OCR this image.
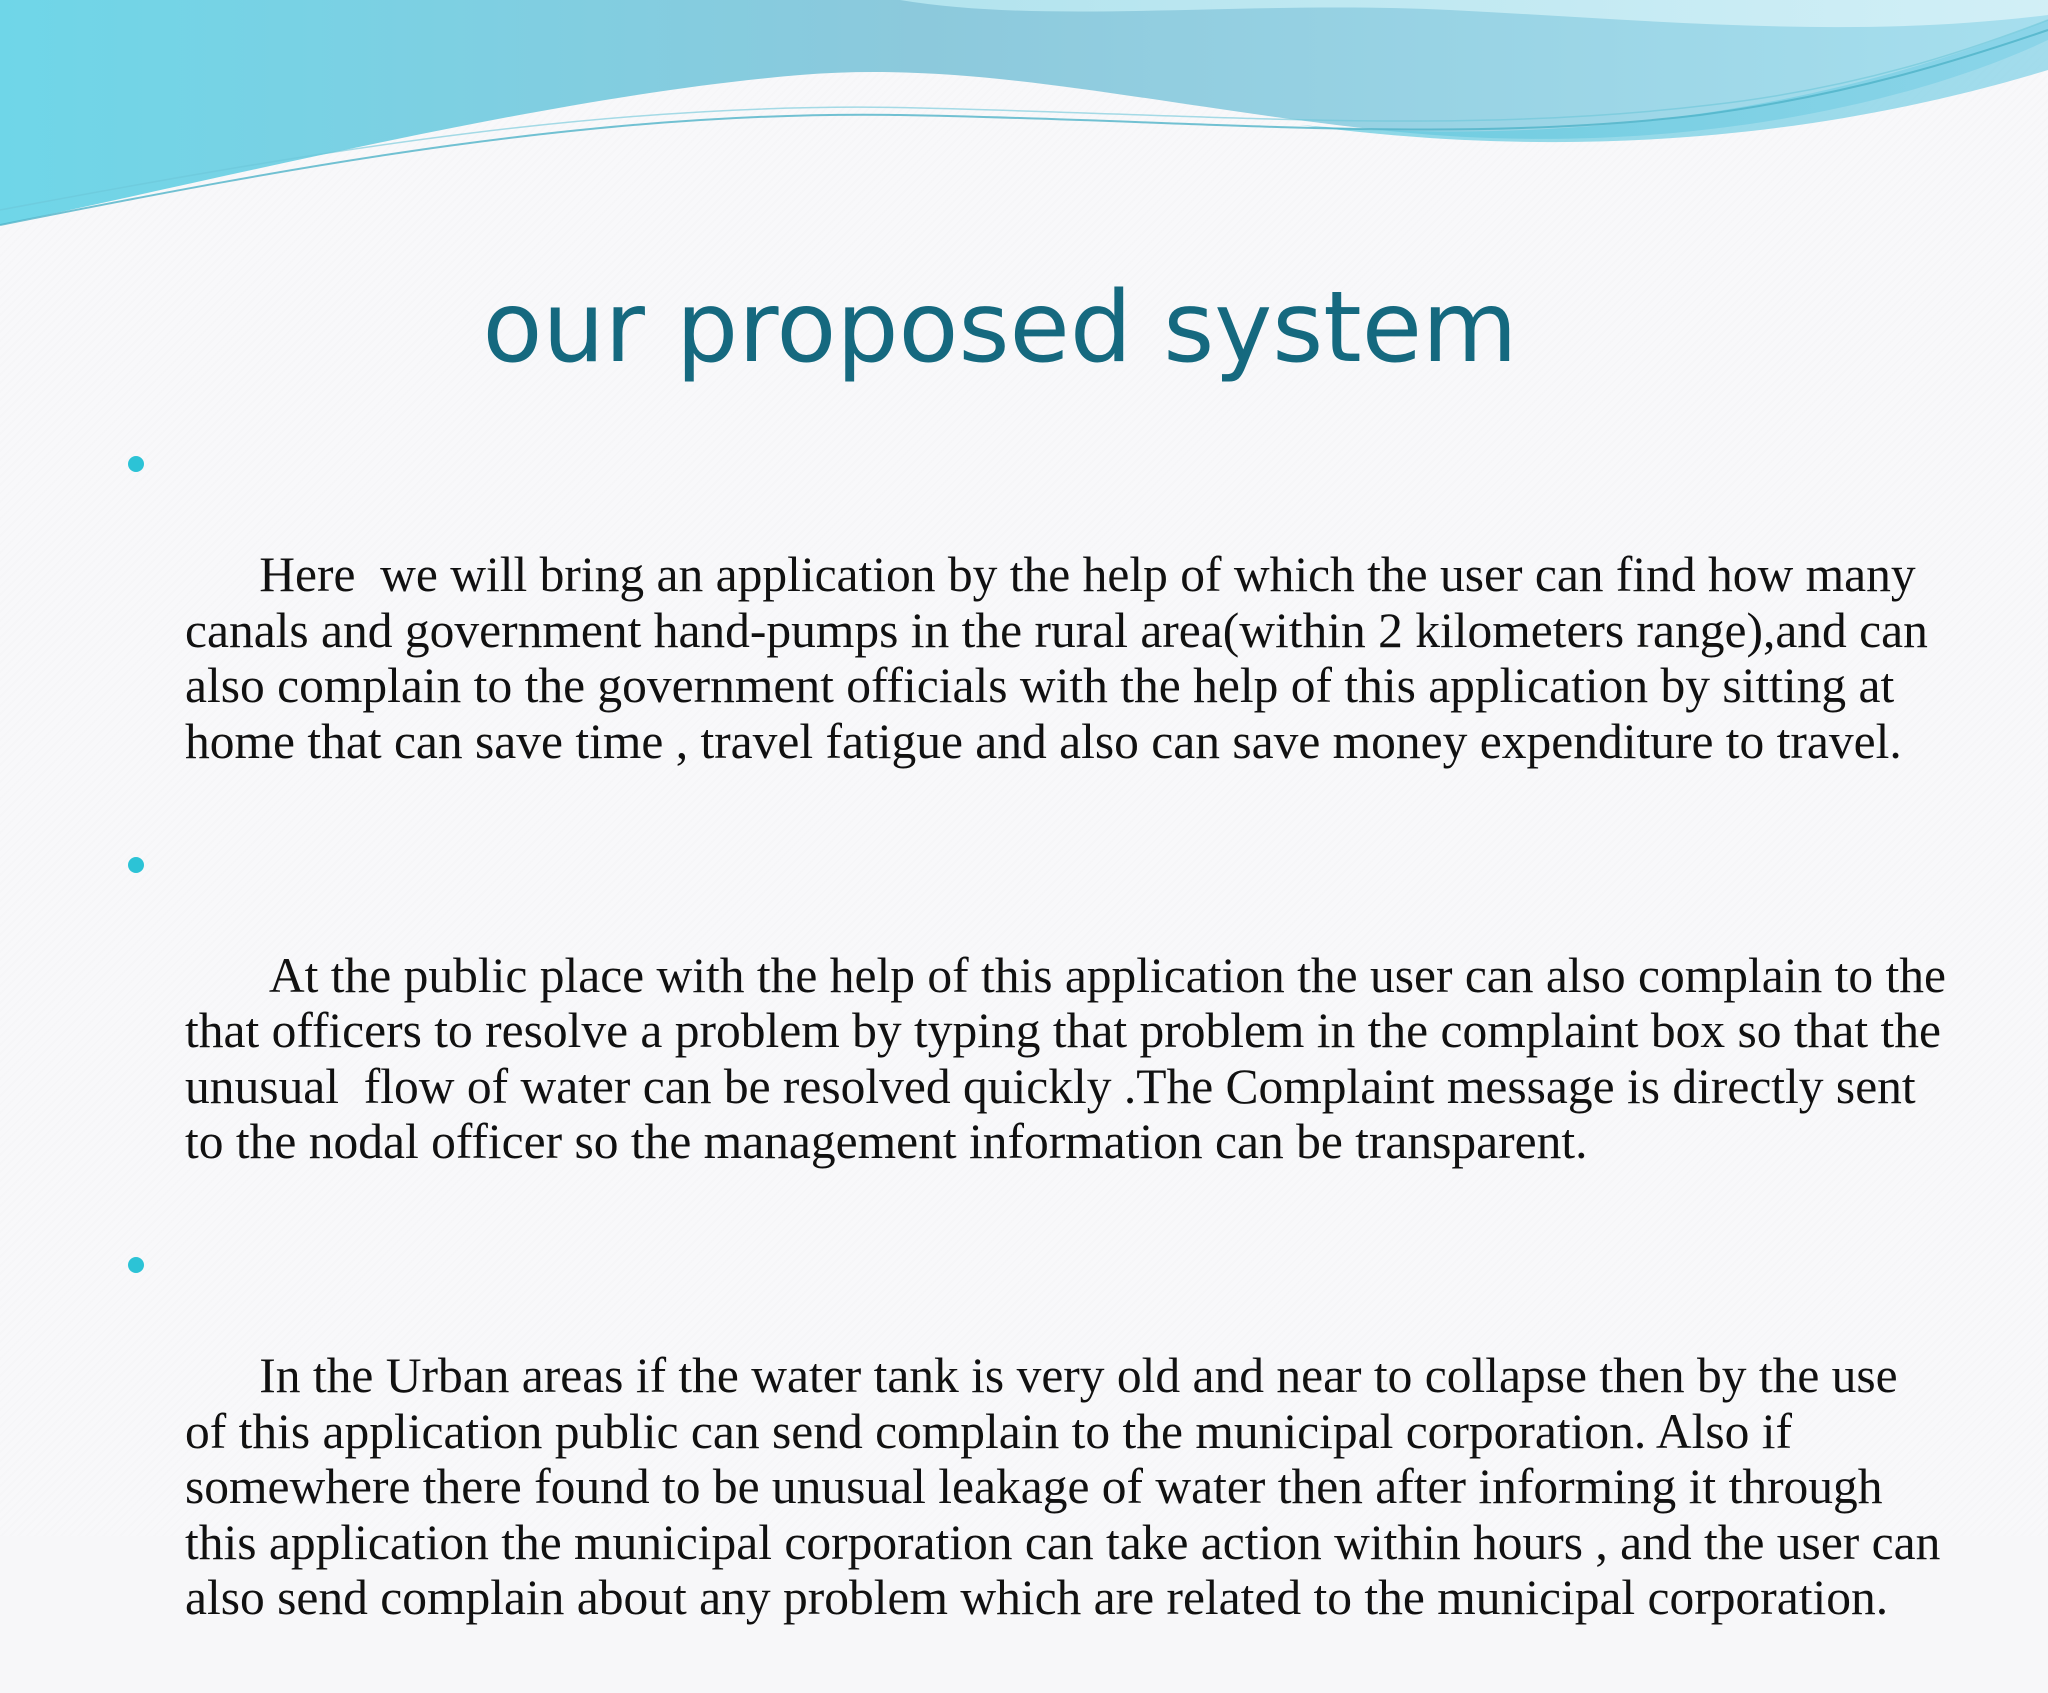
our proposed system

Here  we will bring an application by the help of which the user can find how many canals and government hand-pumps in the rural area(within 2 kilometers range),and can also complain to the government officials with the help of this application by sitting at home that can save time , travel fatigue and also can save money expenditure to travel.

At the public place with the help of this application the user can also complain to the that officers to resolve a problem by typing that problem in the complaint box so that the unusual  flow of water can be resolved quickly .The Complaint message is directly sent to the nodal officer so the management information can be transparent.

In the Urban areas if the water tank is very old and near to collapse then by the use of this application public can send complain to the municipal corporation. Also if somewhere there found to be unusual leakage of water then after informing it through this application the municipal corporation can take action within hours , and the user can also send complain about any problem which are related to the municipal corporation.
